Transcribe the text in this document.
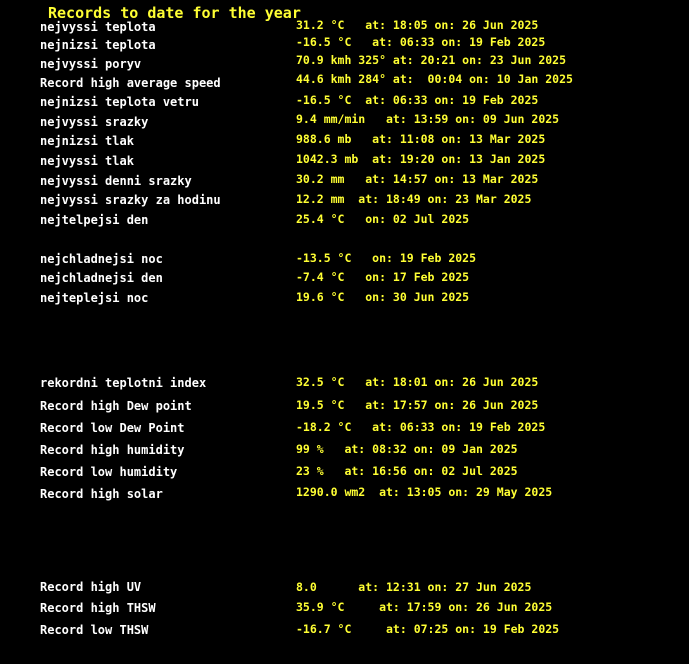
Records to date for the year
nejvyssi teplota	31.2 °C   at: 18:05 on: 26 Jun 2025
nejnizsi teplota	-16.5 °C   at: 06:33 on: 19 Feb 2025
nejvyssi poryv	70.9 kmh 325° at: 20:21 on: 23 Jun 2025
Record high average speed	44.6 kmh 284° at:  00:04 on: 10 Jan 2025
nejnizsi teplota vetru	-16.5 °C  at: 06:33 on: 19 Feb 2025
nejvyssi srazky	9.4 mm/min   at: 13:59 on: 09 Jun 2025
nejnizsi tlak	988.6 mb   at: 11:08 on: 13 Mar 2025
nejvyssi tlak	1042.3 mb  at: 19:20 on: 13 Jan 2025
nejvyssi denni srazky	30.2 mm   at: 14:57 on: 13 Mar 2025
nejvyssi srazky za hodinu	12.2 mm  at: 18:49 on: 23 Mar 2025
nejtelpejsi den	25.4 °C   on: 02 Jul 2025
nejchladnejsi noc	-13.5 °C   on: 19 Feb 2025
nejchladnejsi den	-7.4 °C   on: 17 Feb 2025
nejteplejsi noc	19.6 °C   on: 30 Jun 2025
rekordni teplotni index	32.5 °C   at: 18:01 on: 26 Jun 2025
Record high Dew point	19.5 °C   at: 17:57 on: 26 Jun 2025
Record low Dew Point	-18.2 °C   at: 06:33 on: 19 Feb 2025
Record high humidity	99 %   at: 08:32 on: 09 Jan 2025
Record low humidity	23 %   at: 16:56 on: 02 Jul 2025
Record high solar	1290.0 wm2  at: 13:05 on: 29 May 2025
Record high UV	8.0      at: 12:31 on: 27 Jun 2025
Record high THSW	35.9 °C     at: 17:59 on: 26 Jun 2025
Record low THSW	-16.7 °C     at: 07:25 on: 19 Feb 2025
